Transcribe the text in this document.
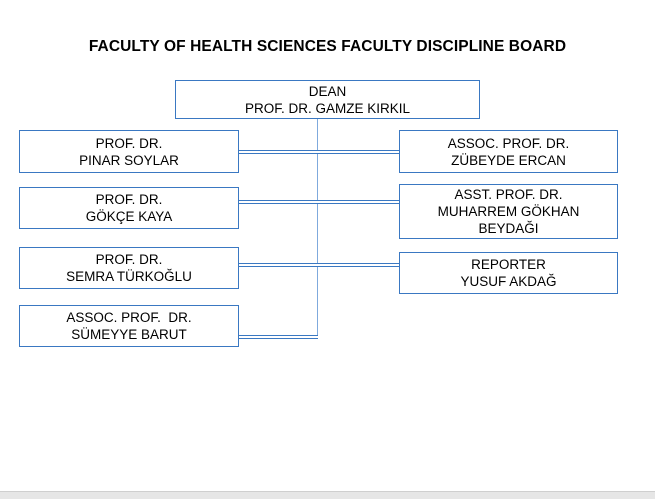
FACULTY OF HEALTH SCIENCES FACULTY DISCIPLINE BOARD
DEAN
PROF. DR. GAMZE KIRKIL
PROF. DR.
PINAR SOYLAR
PROF. DR.
GÖKÇE KAYA
PROF. DR.
SEMRA TÜRKOĞLU
ASSOC. PROF.  DR.
SÜMEYYE BARUT
ASSOC. PROF. DR.
ZÜBEYDE ERCAN
ASST. PROF. DR.
MUHARREM GÖKHAN
BEYDAĞI
REPORTER
YUSUF AKDAĞ
